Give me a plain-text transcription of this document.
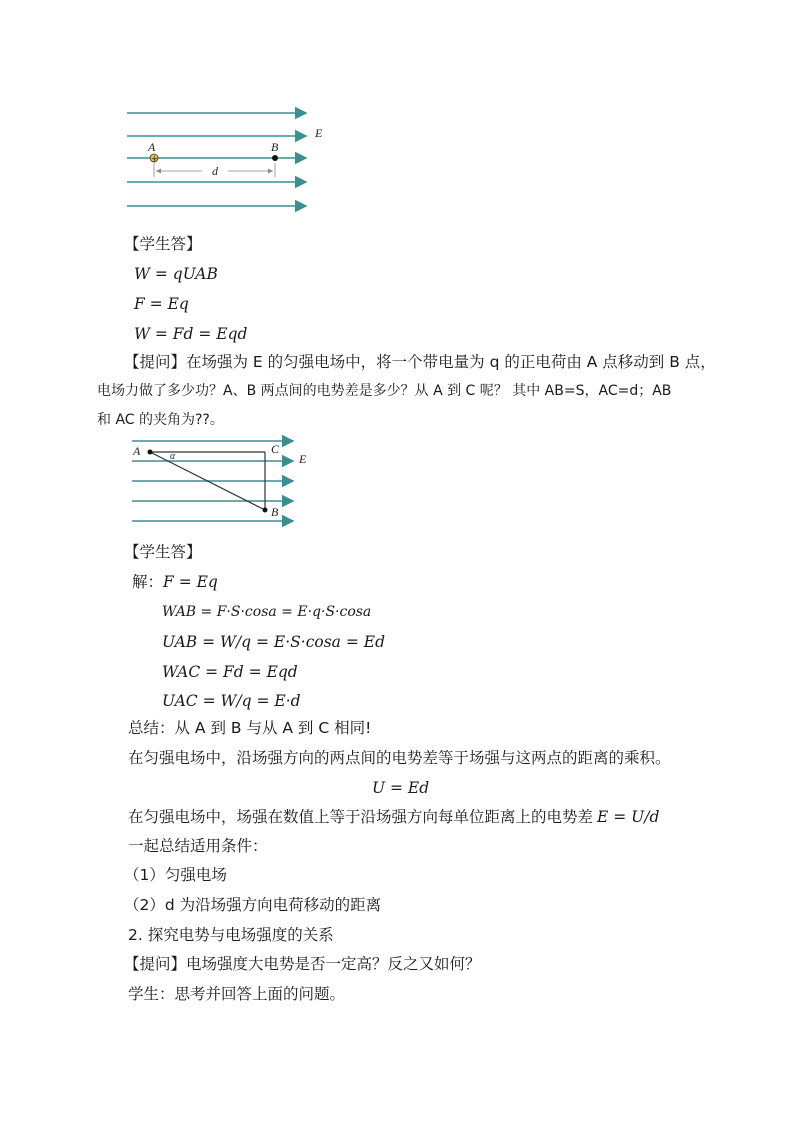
+
A	B
d
E
【学生答】
W = qUAB
F = Eq
W = Fd = Eqd
【提问】在场强为 E 的匀强电场中，将一个带电量为 q 的正电荷由 A 点移动到 B 点，
电场力做了多少功？A、B 两点间的电势差是多少？从 A 到 C 呢？ 其中 AB=S，AC=d；AB
和 AC 的夹角为??。
A	C
B
α	E
【学生答】
解：F = Eq
WAB = F·S·cosa = E·q·S·cosa
UAB = W/q = E·S·cosa = Ed
WAC = Fd = Eqd
UAC = W/q = E·d
总结：从 A 到 B 与从 A 到 C 相同!
在匀强电场中，沿场强方向的两点间的电势差等于场强与这两点的距离的乘积。
U = Ed
在匀强电场中，场强在数值上等于沿场强方向每单位距离上的电势差 E = U/d
一起总结适用条件：
（1）匀强电场
（2）d 为沿场强方向电荷移动的距离
2. 探究电势与电场强度的关系
【提问】电场强度大电势是否一定高？反之又如何？
学生：思考并回答上面的问题。
